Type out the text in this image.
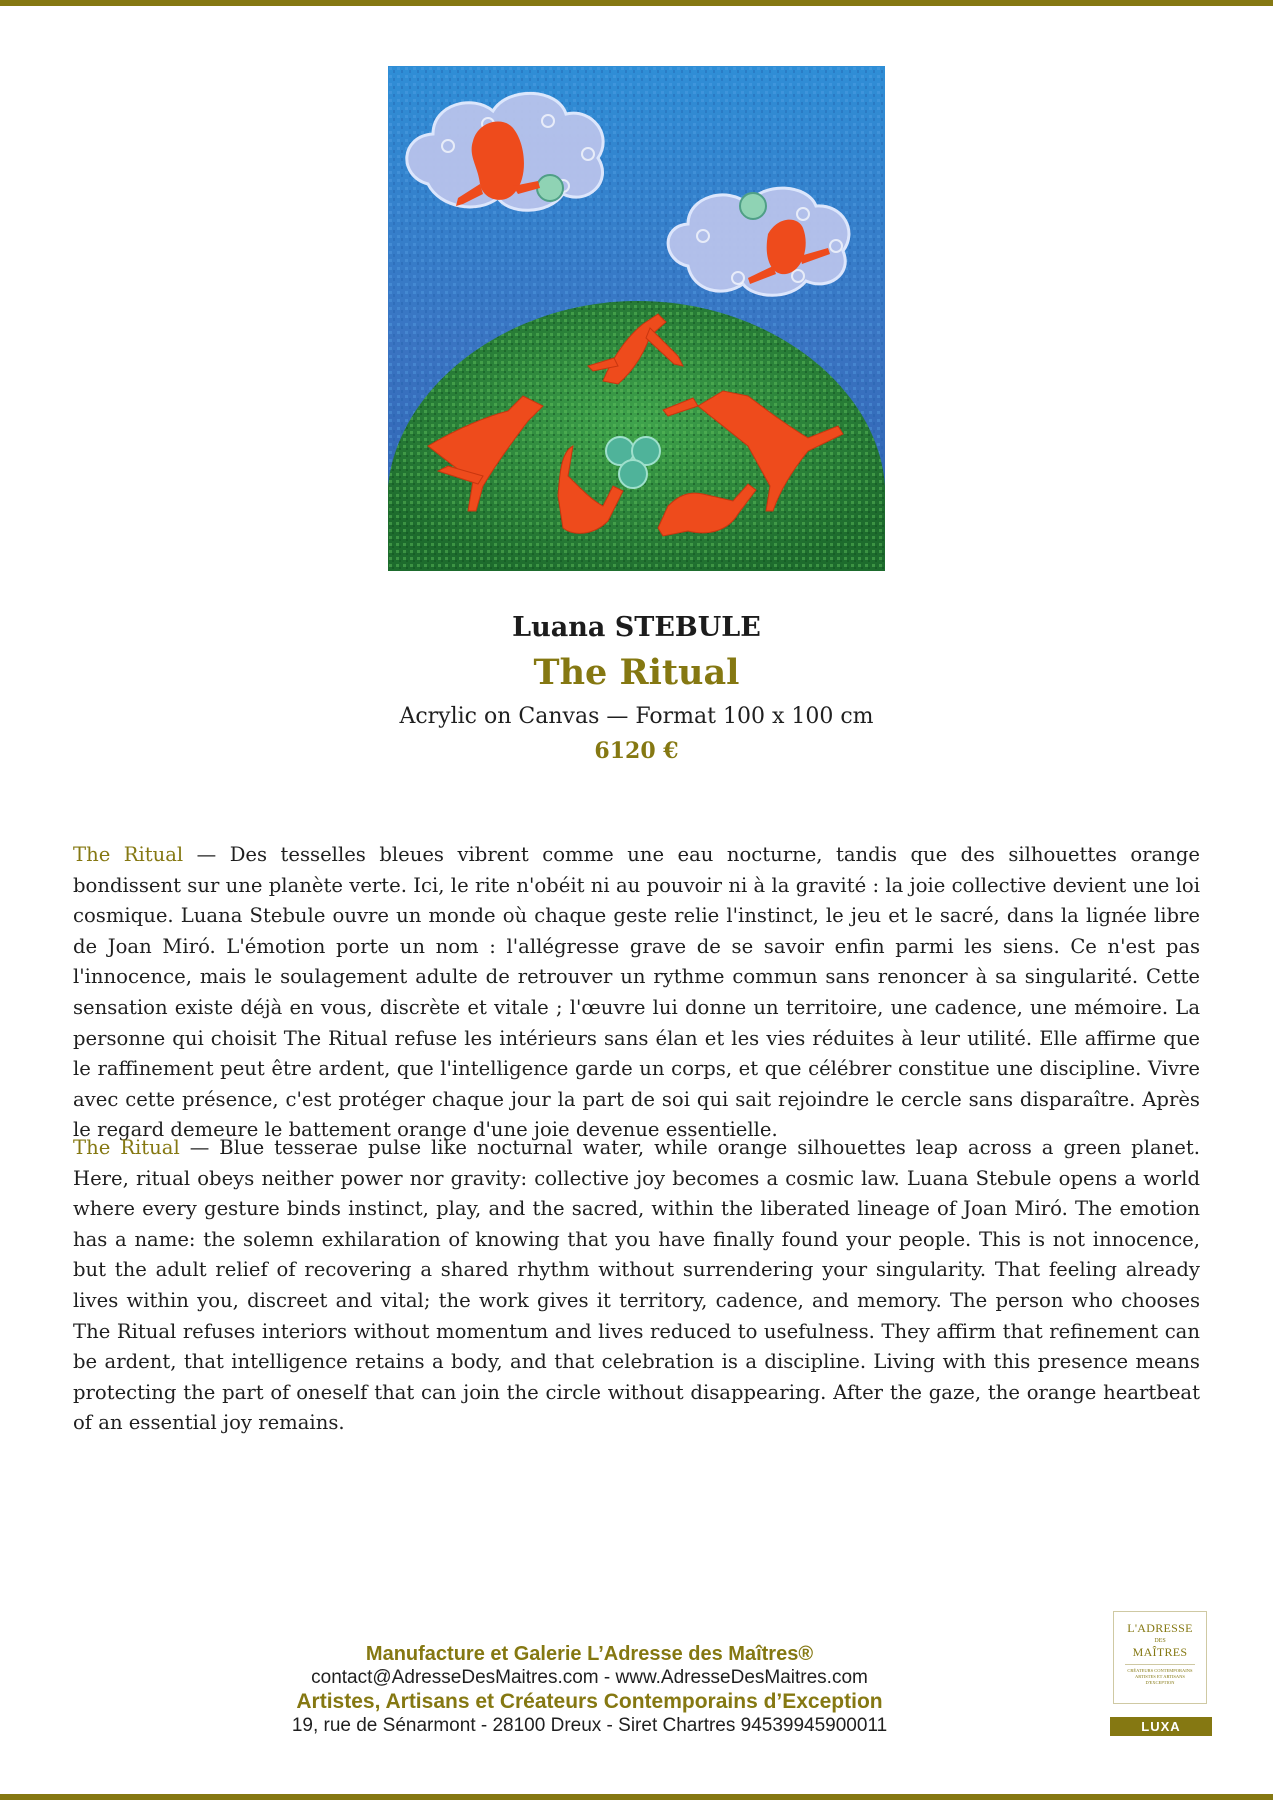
Luana STEBULE
The Ritual
Acrylic on Canvas — Format 100 x 100 cm
6120 €

The Ritual — Des tesselles bleues vibrent comme une eau nocturne, tandis que des silhouettes orange bondissent sur une planète verte. Ici, le rite n'obéit ni au pouvoir ni à la gravité : la joie collective devient une loi cosmique. Luana Stebule ouvre un monde où chaque geste relie l'instinct, le jeu et le sacré, dans la lignée libre de Joan Miró. L'émotion porte un nom : l'allégresse grave de se savoir enfin parmi les siens. Ce n'est pas l'innocence, mais le soulagement adulte de retrouver un rythme commun sans renoncer à sa singularité. Cette sensation existe déjà en vous, discrète et vitale ; l'œuvre lui donne un territoire, une cadence, une mémoire. La personne qui choisit The Ritual refuse les intérieurs sans élan et les vies réduites à leur utilité. Elle affirme que le raffinement peut être ardent, que l'intelligence garde un corps, et que célébrer constitue une discipline. Vivre avec cette présence, c'est protéger chaque jour la part de soi qui sait rejoindre le cercle sans disparaître. Après le regard demeure le battement orange d'une joie devenue essentielle.

The Ritual — Blue tesserae pulse like nocturnal water, while orange silhouettes leap across a green planet. Here, ritual obeys neither power nor gravity: collective joy becomes a cosmic law. Luana Stebule opens a world where every gesture binds instinct, play, and the sacred, within the liberated lineage of Joan Miró. The emotion has a name: the solemn exhilaration of knowing that you have finally found your people. This is not innocence, but the adult relief of recovering a shared rhythm without surrendering your singularity. That feeling already lives within you, discreet and vital; the work gives it territory, cadence, and memory. The person who chooses The Ritual refuses interiors without momentum and lives reduced to usefulness. They affirm that refinement can be ardent, that intelligence retains a body, and that celebration is a discipline. Living with this presence means protecting the part of oneself that can join the circle without disappearing. After the gaze, the orange heartbeat of an essential joy remains.

Manufacture et Galerie L’Adresse des Maîtres®
contact@AdresseDesMaitres.com - www.AdresseDesMaitres.com
Artistes, Artisans et Créateurs Contemporains d’Exception
19, rue de Sénarmont - 28100 Dreux - Siret Chartres 94539945900011
L'ADRESSE
DES
MAÎTRES
CRÉATEURS CONTEMPORAINS ARTISTES ET ARTISANS D'EXCEPTION
LUXA
